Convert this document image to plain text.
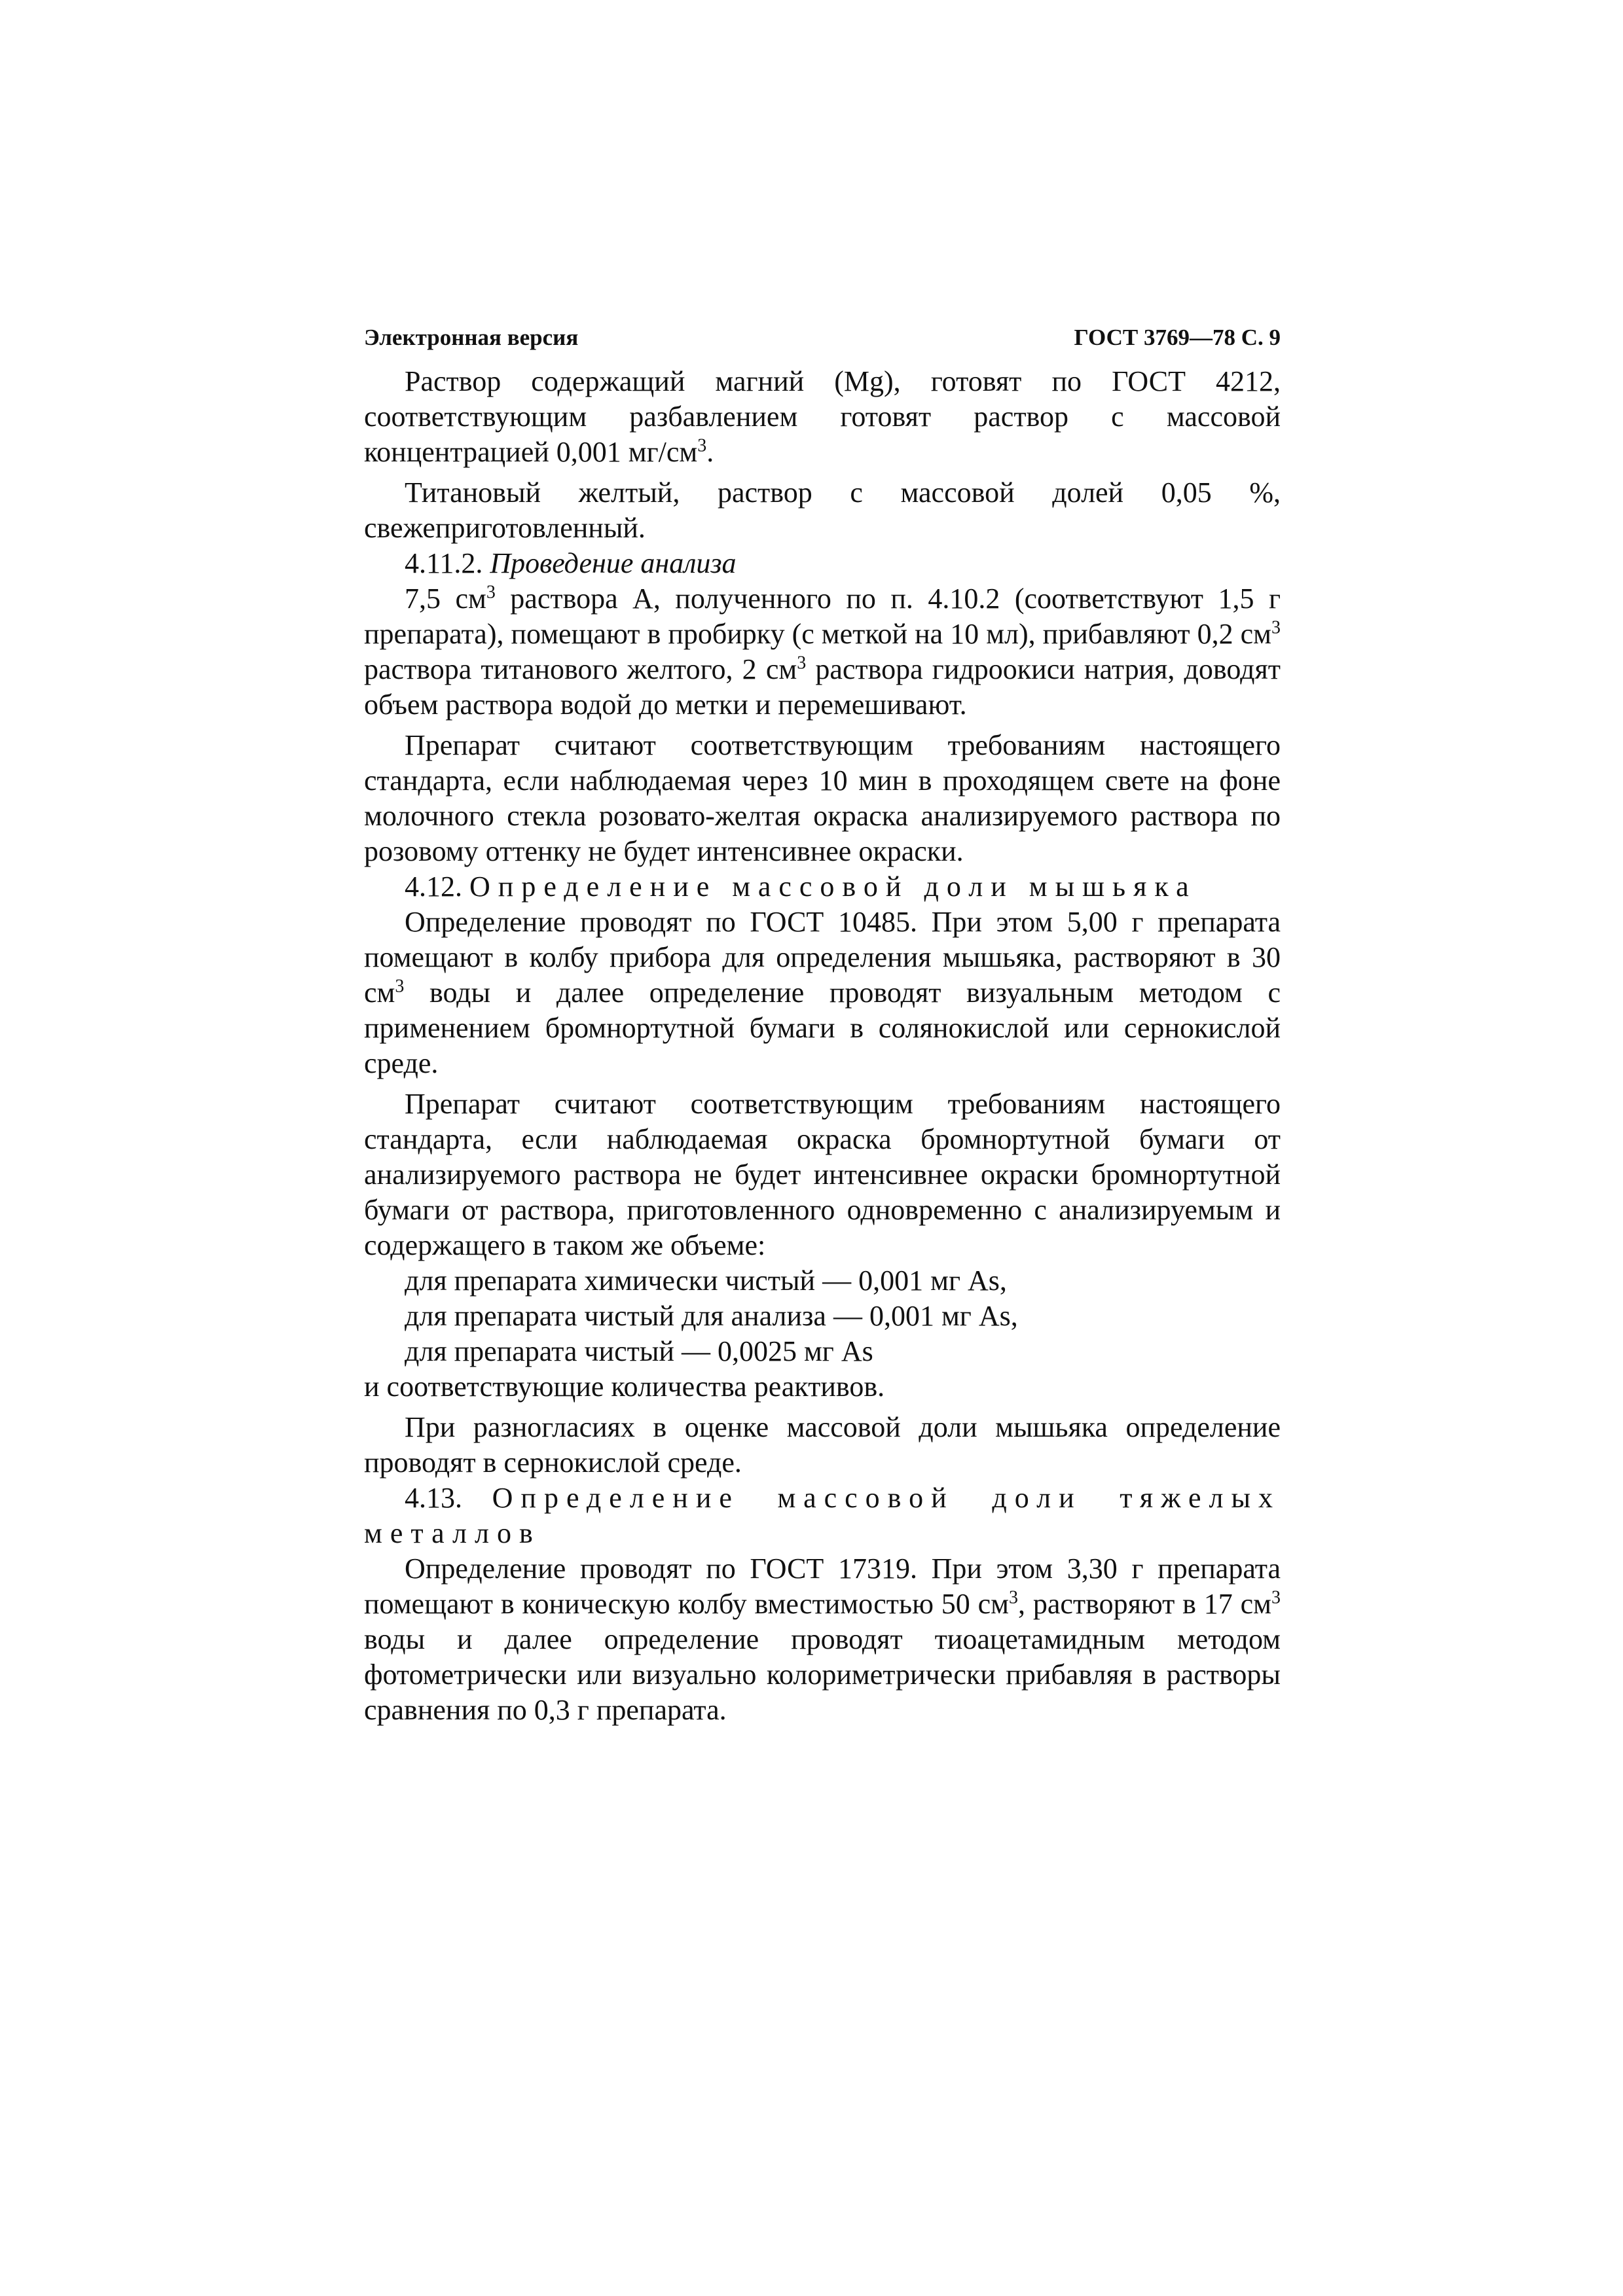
Электронная версия	ГОСТ 3769—78 С. 9

Раствор содержащий магний (Mg), готовят по ГОСТ 4212, соответствующим разбавлением готовят раствор с массовой концентрацией 0,001 $мг/см^3$.

Титановый желтый, раствор с массовой долей 0,05 %, свежеприготовленный.

4.11.2. Проведение анализа

7,5 $см^3$ раствора А, полученного по п. 4.10.2 (соответствуют 1,5 г препарата), помещают в пробирку (с меткой на 10 мл), прибавляют 0,2 $см^3$ раствора титанового желтого, 2 $см^3$ раствора гидроокиси натрия, доводят объем раствора водой до метки и перемешивают.

Препарат считают соответствующим требованиям настоящего стандарта, если наблюдаемая через 10 мин в проходящем свете на фоне молочного стекла розовато-желтая окраска анализируемого раствора по розовому оттенку не будет интенсивнее окраски.

4.12. Определение массовой доли мышьяка

Определение проводят по ГОСТ 10485. При этом 5,00 г препарата помещают в колбу прибора для определения мышьяка, растворяют в 30 $см^3$ воды и далее определение проводят визуальным методом с применением бромнортутной бумаги в солянокислой или сернокислой среде.

Препарат считают соответствующим требованиям настоящего стандарта, если наблюдаемая окраска бромнортутной бумаги от анализируемого раствора не будет интенсивнее окраски бромнортутной бумаги от раствора, приготовленного одновременно с анализируемым и содержащего в таком же объеме:

для препарата химически чистый — 0,001 мг As,

для препарата чистый для анализа — 0,001 мг As,

для препарата чистый — 0,0025 мг As

и соответствующие количества реактивов.

При разногласиях в оценке массовой доли мышьяка определение проводят в сернокислой среде.

4.13. Определение массовой доли тяжелых металлов

Определение проводят по ГОСТ 17319. При этом 3,30 г препарата помещают в коническую колбу вместимостью 50 $см^3$, растворяют в 17 $см^3$ воды и далее определение проводят тиоацетамидным методом фотометрически или визуально колориметрически прибавляя в растворы сравнения по 0,3 г препарата.
